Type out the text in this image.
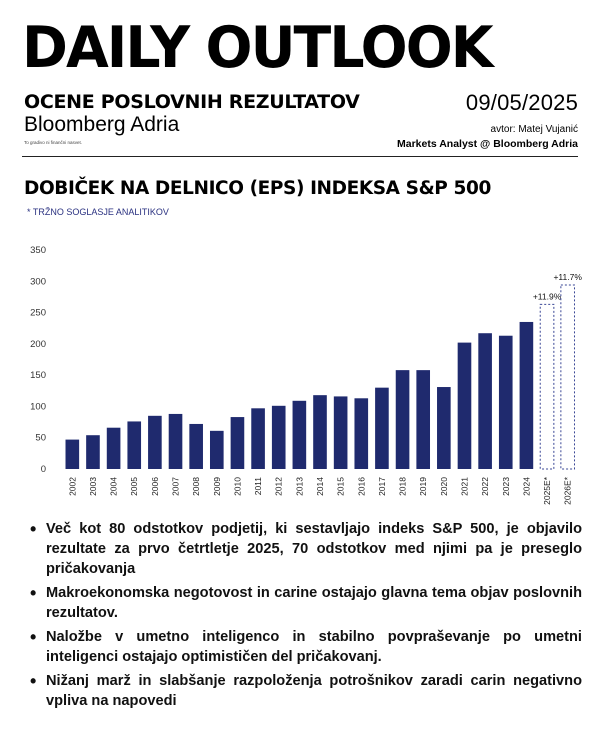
DAILY OUTLOOK
OCENE POSLOVNIH REZULTATOV
Bloomberg Adria
To gradivo ni finančni nasvet.
09/05/2025
avtor: Matej Vujanić
Markets Analyst @ Bloomberg Adria
DOBIČEK NA DELNICO (EPS) INDEKSA S&P 500
* TRŽNO SOGLASJE ANALITIKOV
0
50
100
150
200
250
300
350
2002 2003 2004 2005 2006 2007 2008 2009 2010 2011 2012 2013 2014 2015 2016 2017 2018 2019 2020 2021 2022 2023 2024
+11.9%
2025E*
+11.7%
2026E*
• Več kot 80 odstotkov podjetij, ki sestavljajo indeks S&P 500, je objavilo rezultate za prvo četrtletje 2025, 70 odstotkov med njimi pa je preseglo pričakovanja
• Makroekonomska negotovost in carine ostajajo glavna tema objav poslovnih rezultatov.
• Naložbe v umetno inteligenco in stabilno povpraševanje po umetni inteligenci ostajajo optimističen del pričakovanj.
• Nižanj marž in slabšanje razpoloženja potrošnikov zaradi carin negativno vpliva na napovedi
